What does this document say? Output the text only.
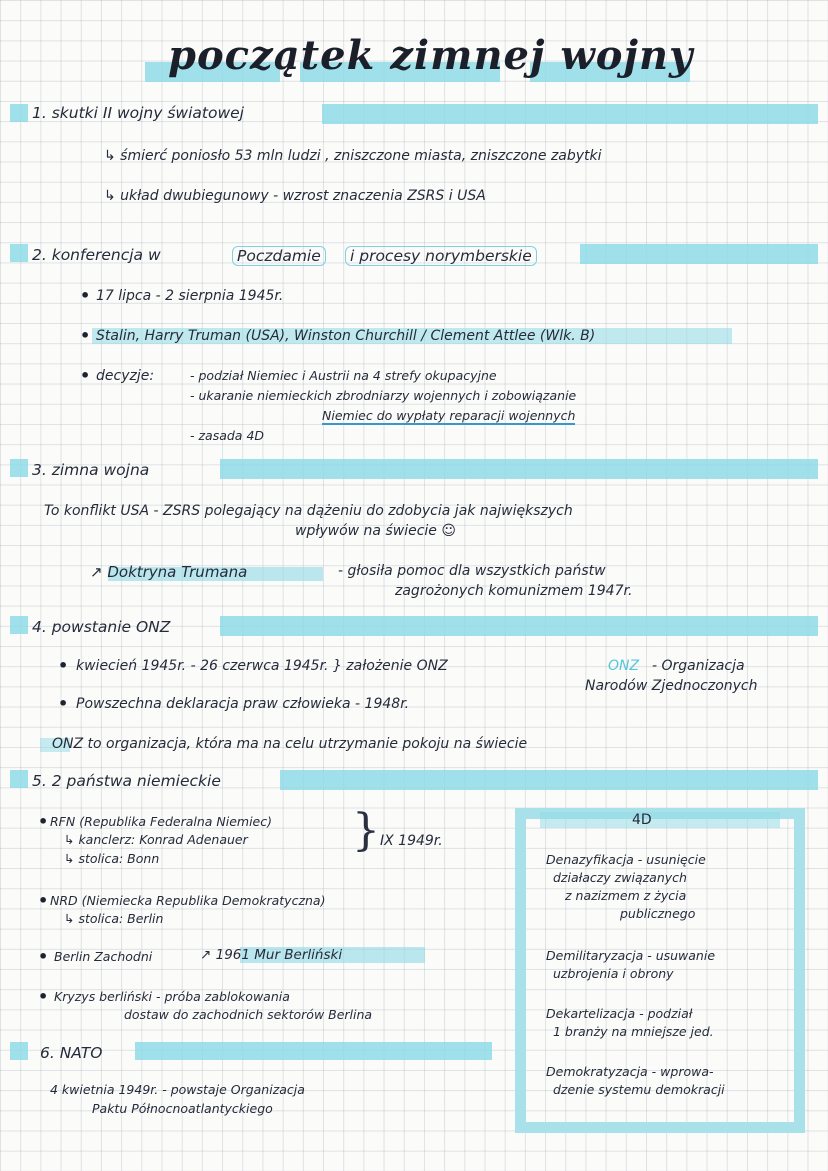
początek zimnej wojny
1. skutki II wojny światowej
↳ śmierć poniosło 53 mln ludzi , zniszczone miasta, zniszczone zabytki
↳ układ dwubiegunowy - wzrost znaczenia ZSRS i USA
2. konferencja w	Poczdamie	i procesy norymberskie
• 17 lipca - 2 sierpnia 1945r.
• Stalin, Harry Truman (USA), Winston Churchill / Clement Attlee (Wlk. B)
• decyzje:	- podział Niemiec i Austrii na 4 strefy okupacyjne
- ukaranie niemieckich zbrodniarzy wojennych i zobowiązanie
Niemiec do wypłaty reparacji wojennych
- zasada 4D
3. zimna wojna
To konflikt USA - ZSRS polegający na dążeniu do zdobycia jak największych
wpływów na świecie ☺
↗ Doktryna Trumana	- głosiła pomoc dla wszystkich państw
zagrożonych komunizmem 1947r.
4. powstanie ONZ
• kwiecień 1945r. - 26 czerwca 1945r. } założenie ONZ	ONZ - Organizacja
Narodów Zjednoczonych
• Powszechna deklaracja praw człowieka - 1948r.
ONZ to organizacja, która ma na celu utrzymanie pokoju na świecie
5. 2 państwa niemieckie
• RFN (Republika Federalna Niemiec)
↳ kanclerz: Konrad Adenauer
↳ stolica: Bonn
} IX 1949r.
• NRD (Niemiecka Republika Demokratyczna)
↳ stolica: Berlin
• Berlin Zachodni	↗ 1961 Mur Berliński
• Kryzys berliński - próba zablokowania
dostaw do zachodnich sektorów Berlina
6. NATO
4 kwietnia 1949r. - powstaje Organizacja
Paktu Północnoatlantyckiego
4D
Denazyfikacja - usunięcie
działaczy związanych
z nazizmem z życia
publicznego
Demilitaryzacja - usuwanie
uzbrojenia i obrony
Dekartelizacja - podział
1 branży na mniejsze jed.
Demokratyzacja - wprowa-
dzenie systemu demokracji
